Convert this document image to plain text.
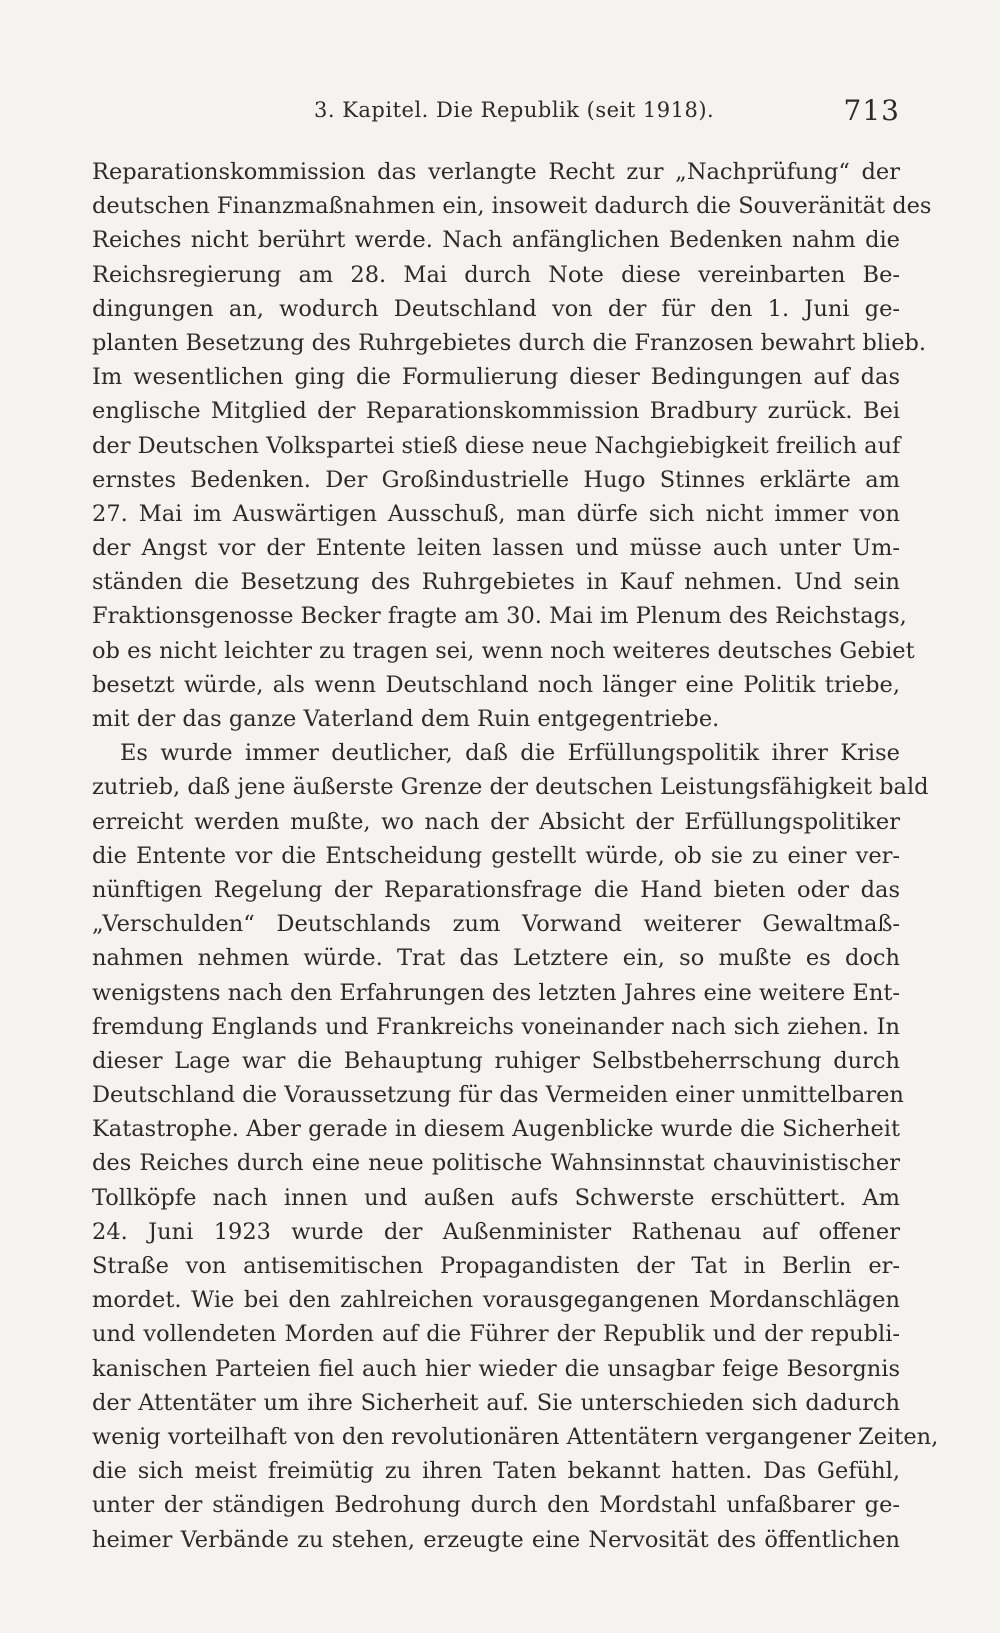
3. Kapitel. Die Republik (seit 1918).	713
Reparationskommission das verlangte Recht zur „Nachprüfung“ der
deutschen Finanzmaßnahmen ein, insoweit dadurch die Souveränität des
Reiches nicht berührt werde. Nach anfänglichen Bedenken nahm die
Reichsregierung am 28. Mai durch Note diese vereinbarten Be-
dingungen an, wodurch Deutschland von der für den 1. Juni ge-
planten Besetzung des Ruhrgebietes durch die Franzosen bewahrt blieb.
Im wesentlichen ging die Formulierung dieser Bedingungen auf das
englische Mitglied der Reparationskommission Bradbury zurück. Bei
der Deutschen Volkspartei stieß diese neue Nachgiebigkeit freilich auf
ernstes Bedenken. Der Großindustrielle Hugo Stinnes erklärte am
27. Mai im Auswärtigen Ausschuß, man dürfe sich nicht immer von
der Angst vor der Entente leiten lassen und müsse auch unter Um-
ständen die Besetzung des Ruhrgebietes in Kauf nehmen. Und sein
Fraktionsgenosse Becker fragte am 30. Mai im Plenum des Reichstags,
ob es nicht leichter zu tragen sei, wenn noch weiteres deutsches Gebiet
besetzt würde, als wenn Deutschland noch länger eine Politik triebe,
mit der das ganze Vaterland dem Ruin entgegentriebe.
Es wurde immer deutlicher, daß die Erfüllungspolitik ihrer Krise
zutrieb, daß jene äußerste Grenze der deutschen Leistungsfähigkeit bald
erreicht werden mußte, wo nach der Absicht der Erfüllungspolitiker
die Entente vor die Entscheidung gestellt würde, ob sie zu einer ver-
nünftigen Regelung der Reparationsfrage die Hand bieten oder das
„Verschulden“ Deutschlands zum Vorwand weiterer Gewaltmaß-
nahmen nehmen würde. Trat das Letztere ein, so mußte es doch
wenigstens nach den Erfahrungen des letzten Jahres eine weitere Ent-
fremdung Englands und Frankreichs voneinander nach sich ziehen. In
dieser Lage war die Behauptung ruhiger Selbstbeherrschung durch
Deutschland die Voraussetzung für das Vermeiden einer unmittelbaren
Katastrophe. Aber gerade in diesem Augenblicke wurde die Sicherheit
des Reiches durch eine neue politische Wahnsinnstat chauvinistischer
Tollköpfe nach innen und außen aufs Schwerste erschüttert. Am
24. Juni 1923 wurde der Außenminister Rathenau auf offener
Straße von antisemitischen Propagandisten der Tat in Berlin er-
mordet. Wie bei den zahlreichen vorausgegangenen Mordanschlägen
und vollendeten Morden auf die Führer der Republik und der republi-
kanischen Parteien fiel auch hier wieder die unsagbar feige Besorgnis
der Attentäter um ihre Sicherheit auf. Sie unterschieden sich dadurch
wenig vorteilhaft von den revolutionären Attentätern vergangener Zeiten,
die sich meist freimütig zu ihren Taten bekannt hatten. Das Gefühl,
unter der ständigen Bedrohung durch den Mordstahl unfaßbarer ge-
heimer Verbände zu stehen, erzeugte eine Nervosität des öffentlichen
